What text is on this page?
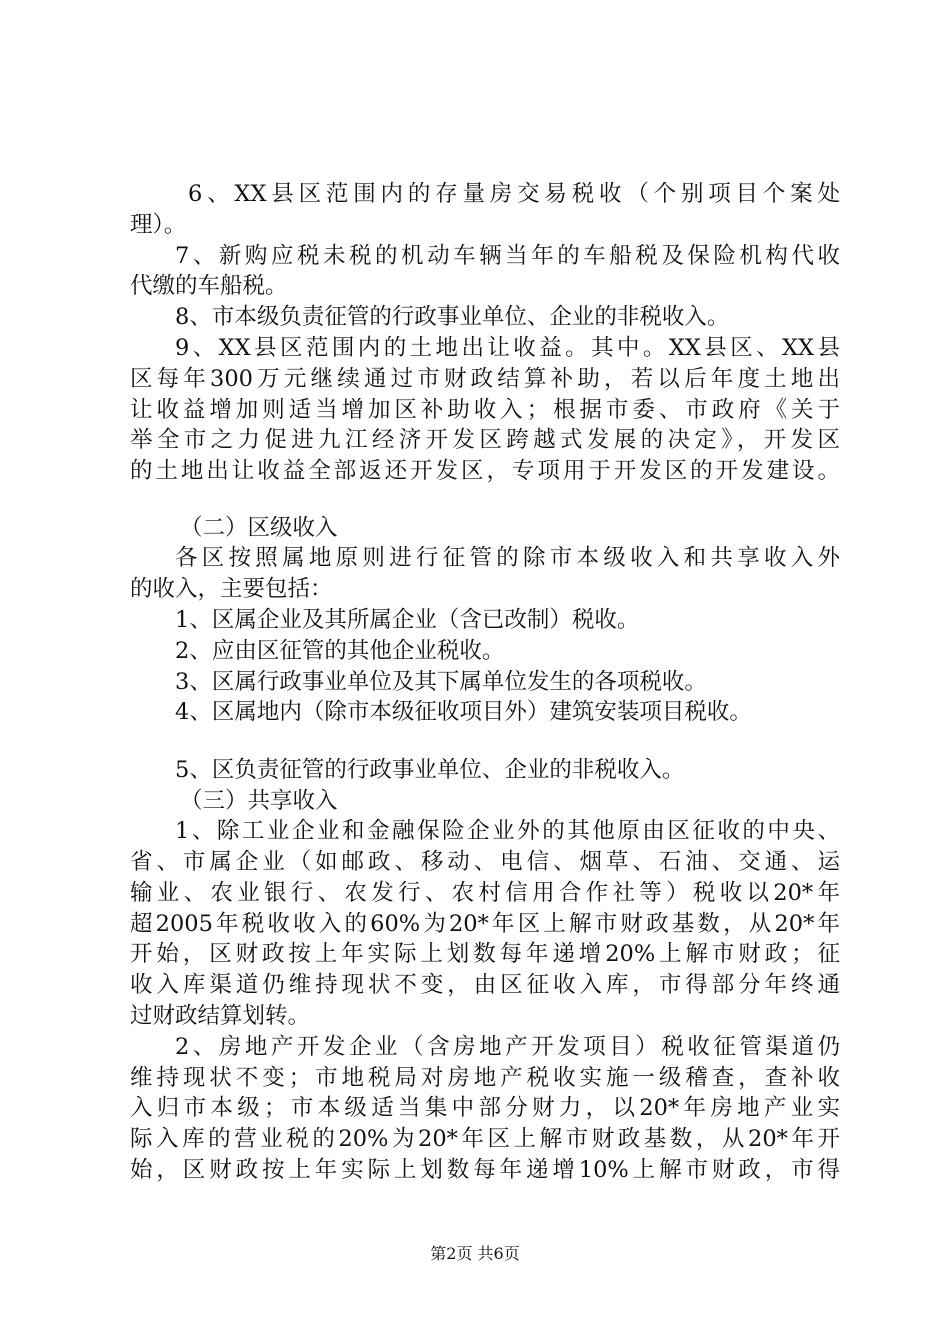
6、XX县区范围内的存量房交易税收（个别项目个案处
理）。
7、新购应税未税的机动车辆当年的车船税及保险机构代收
代缴的车船税。
8、市本级负责征管的行政事业单位、企业的非税收入。
9、XX县区范围内的土地出让收益。其中。XX县区、XX县
区每年300万元继续通过市财政结算补助，若以后年度土地出
让收益增加则适当增加区补助收入；根据市委、市政府《关于
举全市之力促进九江经济开发区跨越式发展的决定》，开发区
的土地出让收益全部返还开发区，专项用于开发区的开发建设。
（二）区级收入
各区按照属地原则进行征管的除市本级收入和共享收入外
的收入，主要包括：
1、区属企业及其所属企业（含已改制）税收。
2、应由区征管的其他企业税收。
3、区属行政事业单位及其下属单位发生的各项税收。
4、区属地内（除市本级征收项目外）建筑安装项目税收。
5、区负责征管的行政事业单位、企业的非税收入。
（三）共享收入
1、除工业企业和金融保险企业外的其他原由区征收的中央、
省、市属企业（如邮政、移动、电信、烟草、石油、交通、运
输业、农业银行、农发行、农村信用合作社等）税收以20*年
超2005年税收收入的60%为20*年区上解市财政基数，从20*年
开始，区财政按上年实际上划数每年递增20%上解市财政；征
收入库渠道仍维持现状不变，由区征收入库，市得部分年终通
过财政结算划转。
2、房地产开发企业（含房地产开发项目）税收征管渠道仍
维持现状不变；市地税局对房地产税收实施一级稽查，查补收
入归市本级；市本级适当集中部分财力，以20*年房地产业实
际入库的营业税的20%为20*年区上解市财政基数，从20*年开
始，区财政按上年实际上划数每年递增10%上解市财政，市得
第2页 共6页
